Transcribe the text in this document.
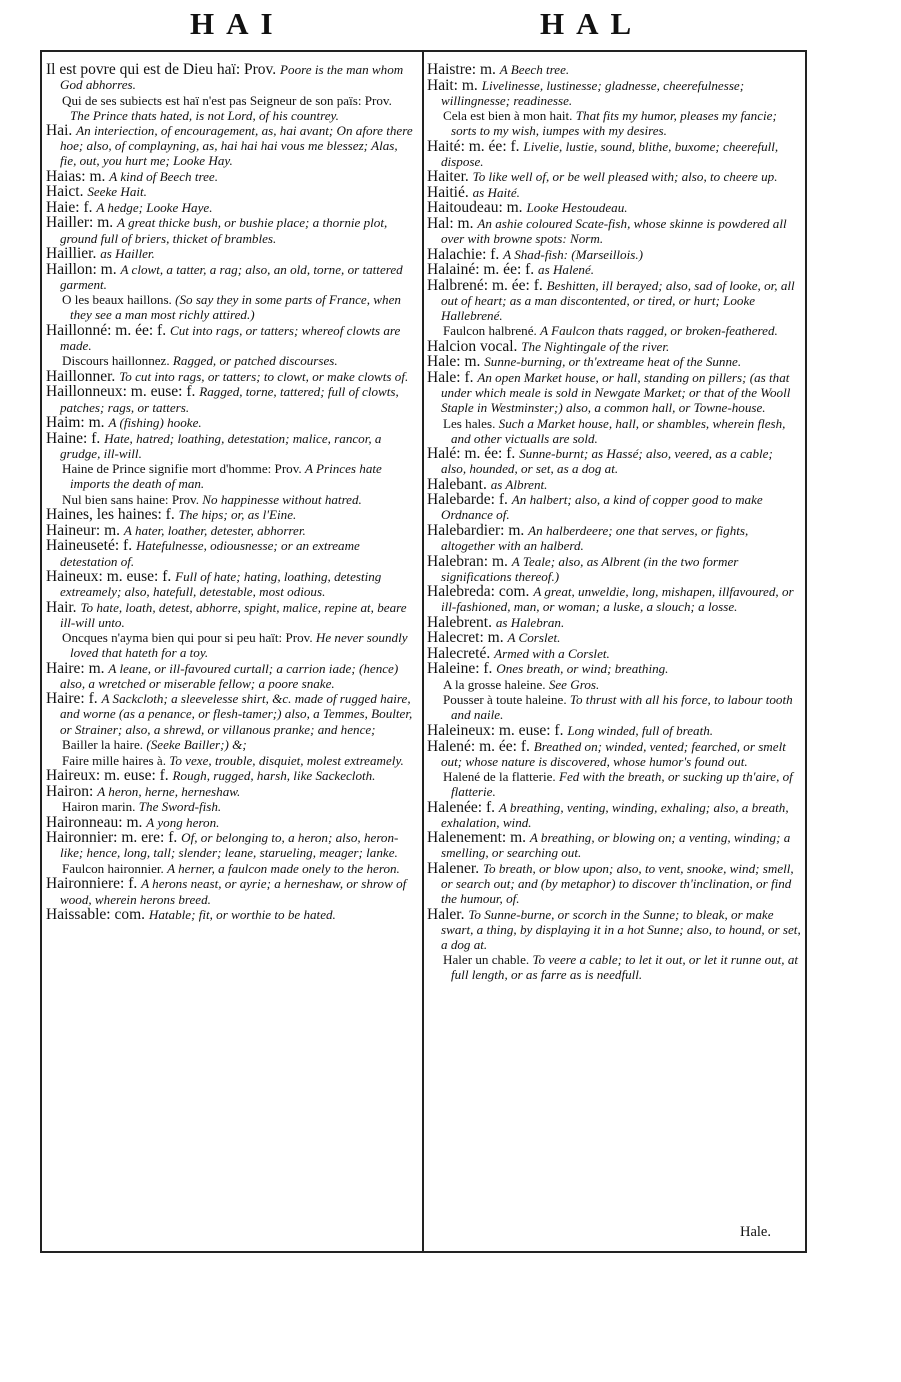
HAI	HAL
Il est povre qui est de Dieu haï: Prov. Poore is the man whom God abhorres.
Qui de ses subiects est haï n'est pas Seigneur de son païs: Prov. The Prince thats hated, is not Lord, of his countrey.
Hai. An interiection, of encouragement, as, hai avant; On afore there hoe; also, of complayning, as, hai hai hai vous me blessez; Alas, fie, out, you hurt me; Looke Hay.
Haias: m. A kind of Beech tree.
Haict. Seeke Hait.
Haie: f. A hedge; Looke Haye.
Hailler: m. A great thicke bush, or bushie place; a thornie plot, ground full of briers, thicket of brambles.
Haillier. as Hailler.
Haillon: m. A clowt, a tatter, a rag; also, an old, torne, or tattered garment.
O les beaux haillons. (So say they in some parts of France, when they see a man most richly attired.)
Haillonné: m. ée: f. Cut into rags, or tatters; whereof clowts are made.
Discours haillonnez. Ragged, or patched discourses.
Haillonner. To cut into rags, or tatters; to clowt, or make clowts of.
Haillonneux: m. euse: f. Ragged, torne, tattered; full of clowts, patches; rags, or tatters.
Haim: m. A (fishing) hooke.
Haine: f. Hate, hatred; loathing, detestation; malice, rancor, a grudge, ill-will.
Haine de Prince signifie mort d'homme: Prov. A Princes hate imports the death of man.
Nul bien sans haine: Prov. No happinesse without hatred.
Haines, les haines: f. The hips; or, as l'Eine.
Haineur: m. A hater, loather, detester, abhorrer.
Haineuseté: f. Hatefulnesse, odiousnesse; or an extreame detestation of.
Haineux: m. euse: f. Full of hate; hating, loathing, detesting extreamely; also, hatefull, detestable, most odious.
Hair. To hate, loath, detest, abhorre, spight, malice, repine at, beare ill-will unto.
Oncques n'ayma bien qui pour si peu haït: Prov. He never soundly loved that hateth for a toy.
Haire: m. A leane, or ill-favoured curtall; a carrion iade; (hence) also, a wretched or miserable fellow; a poore snake.
Haire: f. A Sackcloth; a sleevelesse shirt, &c. made of rugged haire, and worne (as a penance, or flesh-tamer;) also, a Temmes, Boulter, or Strainer; also, a shrewd, or villanous pranke; and hence;
Bailler la haire. (Seeke Bailler;) &;
Faire mille haires à. To vexe, trouble, disquiet, molest extreamely.
Haireux: m. euse: f. Rough, rugged, harsh, like Sackecloth.
Hairon: A heron, herne, herneshaw.
Hairon marin. The Sword-fish.
Haironneau: m. A yong heron.
Haironnier: m. ere: f. Of, or belonging to, a heron; also, heron-like; hence, long, tall; slender; leane, starueling, meager; lanke.
Faulcon haironnier. A herner, a faulcon made onely to the heron.
Haironniere: f. A herons neast, or ayrie; a herneshaw, or shrow of wood, wherein herons breed.
Haissable: com. Hatable; fit, or worthie to be hated.
Haistre: m. A Beech tree.
Hait: m. Livelinesse, lustinesse; gladnesse, cheerefulnesse; willingnesse; readinesse.
Cela est bien à mon hait. That fits my humor, pleases my fancie; sorts to my wish, iumpes with my desires.
Haité: m. ée: f. Livelie, lustie, sound, blithe, buxome; cheerefull, dispose.
Haiter. To like well of, or be well pleased with; also, to cheere up.
Haitié. as Haité.
Haitoudeau: m. Looke Hestoudeau.
Hal: m. An ashie coloured Scate-fish, whose skinne is powdered all over with browne spots: Norm.
Halachie: f. A Shad-fish: (Marseillois.)
Halainé: m. ée: f. as Halené.
Halbrené: m. ée: f. Beshitten, ill berayed; also, sad of looke, or, all out of heart; as a man discontented, or tired, or hurt; Looke Hallebrené.
Faulcon halbrené. A Faulcon thats ragged, or broken-feathered.
Halcion vocal. The Nightingale of the river.
Hale: m. Sunne-burning, or th'extreame heat of the Sunne.
Hale: f. An open Market house, or hall, standing on pillers; (as that under which meale is sold in Newgate Market; or that of the Wooll Staple in Westminster;) also, a common hall, or Towne-house.
Les hales. Such a Market house, hall, or shambles, wherein flesh, and other victualls are sold.
Halé: m. ée: f. Sunne-burnt; as Hassé; also, veered, as a cable; also, hounded, or set, as a dog at.
Halebant. as Albrent.
Halebarde: f. An halbert; also, a kind of copper good to make Ordnance of.
Halebardier: m. An halberdeere; one that serves, or fights, altogether with an halberd.
Halebran: m. A Teale; also, as Albrent (in the two former significations thereof.)
Halebreda: com. A great, unweldie, long, mishapen, illfavoured, or ill-fashioned, man, or woman; a luske, a slouch; a losse.
Halebrent. as Halebran.
Halecret: m. A Corslet.
Halecreté. Armed with a Corslet.
Haleine: f. Ones breath, or wind; breathing.
A la grosse haleine. See Gros.
Pousser à toute haleine. To thrust with all his force, to labour tooth and naile.
Haleineux: m. euse: f. Long winded, full of breath.
Halené: m. ée: f. Breathed on; winded, vented; fearched, or smelt out; whose nature is discovered, whose humor's found out.
Halené de la flatterie. Fed with the breath, or sucking up th'aire, of flatterie.
Halenée: f. A breathing, venting, winding, exhaling; also, a breath, exhalation, wind.
Halenement: m. A breathing, or blowing on; a venting, winding; a smelling, or searching out.
Halener. To breath, or blow upon; also, to vent, snooke, wind; smell, or search out; and (by metaphor) to discover th'inclination, or find the humour, of.
Haler. To Sunne-burne, or scorch in the Sunne; to bleak, or make swart, a thing, by displaying it in a hot Sunne; also, to hound, or set, a dog at.
Haler un chable. To veere a cable; to let it out, or let it runne out, at full length, or as farre as is needfull.
Hale.
